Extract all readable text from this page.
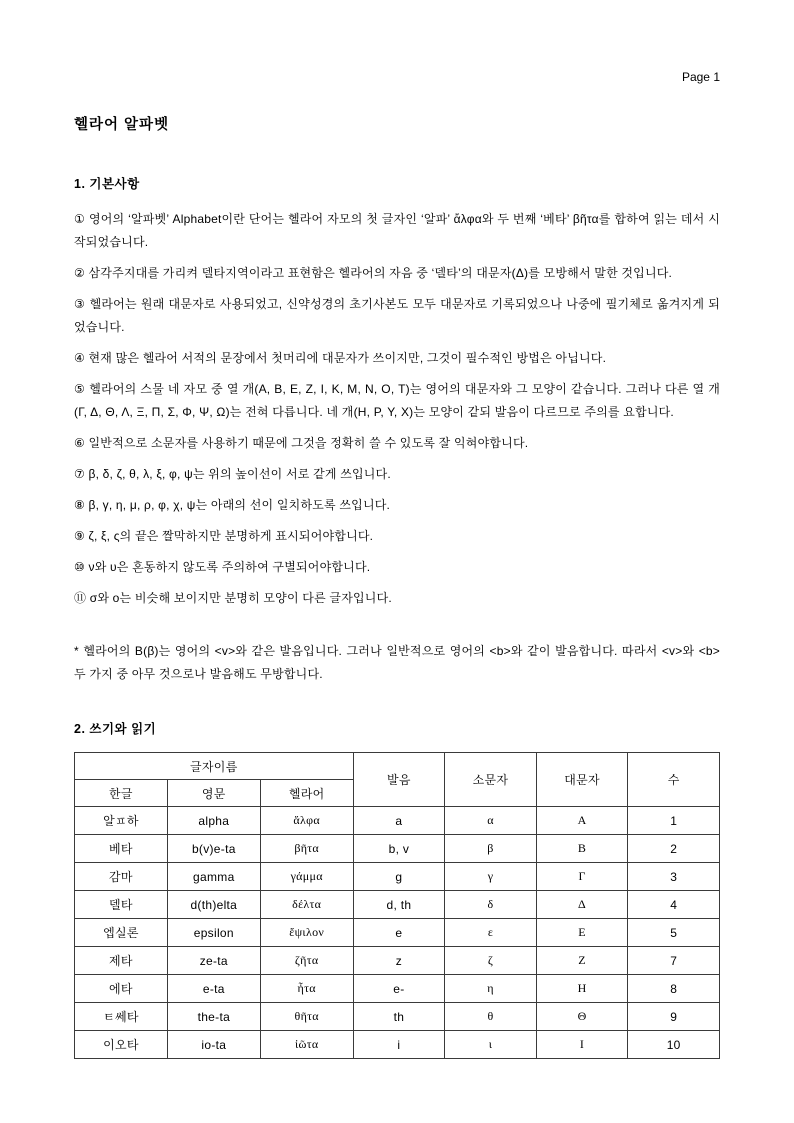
Page 1
헬라어 알파벳
1. 기본사항

① 영어의 ‘알파벳’ Alphabet이란 단어는 헬라어 자모의 첫 글자인 ‘알파’ ἄλφα와 두 번째 ‘베타’ βῆτα를 합하여 읽는 데서 시작되었습니다.

② 삼각주지대를 가리켜 델타지역이라고 표현함은 헬라어의 자음 중 ‘델타’의 대문자(Δ)를 모방해서 말한 것입니다.

③ 헬라어는 원래 대문자로 사용되었고, 신약성경의 초기사본도 모두 대문자로 기록되었으나 나중에 필기체로 옮겨지게 되었습니다.

④ 현재 많은 헬라어 서적의 문장에서 첫머리에 대문자가 쓰이지만, 그것이 필수적인 방법은 아닙니다.

⑤ 헬라어의 스물 네 자모 중 열 개(Α, Β, Ε, Ζ, Ι, Κ, Μ, Ν, Ο, Τ)는 영어의 대문자와 그 모양이 같습니다. 그러나 다른 열 개(Γ, Δ, Θ, Λ, Ξ, Π, Σ, Φ, Ψ, Ω)는 전혀 다릅니다. 네 개(Η, Ρ, Υ, Χ)는 모양이 같되 발음이 다르므로 주의를 요합니다.

⑥ 일반적으로 소문자를 사용하기 때문에 그것을 정확히 쓸 수 있도록 잘 익혀야합니다.

⑦ β, δ, ζ, θ, λ, ξ, φ, ψ는 위의 높이선이 서로 같게 쓰입니다.

⑧ β, γ, η, μ, ρ, φ, χ, ψ는 아래의 선이 일치하도록 쓰입니다.

⑨ ζ, ξ, ς의 끝은 짤막하지만 분명하게 표시되어야합니다.

⑩ ν와 υ은 혼동하지 않도록 주의하여 구별되어야합니다.

⑪ σ와 ο는 비슷해 보이지만 분명히 모양이 다른 글자입니다.

* 헬라어의 Β(β)는 영어의 <v>와 같은 발음입니다. 그러나 일반적으로 영어의 <b>와 같이 발음합니다. 따라서 <v>와 <b> 두 가지 중 아무 것으로나 발음해도 무방합니다.

2. 쓰기와 읽기
글자이름			발음	소문자	대문자	수
한글	영문	헬라어				
알ㅍ하	alpha	ἄλφα	a	α	Α	1
베타	b(v)e-ta	βῆτα	b, v	β	Β	2
감마	gamma	γάμμα	g	γ	Γ	3
델타	d(th)elta	δέλτα	d, th	δ	Δ	4
엡실론	epsilon	ἔψιλον	e	ε	Ε	5
제타	ze-ta	ζῆτα	z	ζ	Ζ	7
에타	e-ta	ἦτα	e-	η	Η	8
ㅌ쎄타	the-ta	θῆτα	th	θ	Θ	9
이오타	io-ta	ἰῶτα	i	ι	Ι	10
